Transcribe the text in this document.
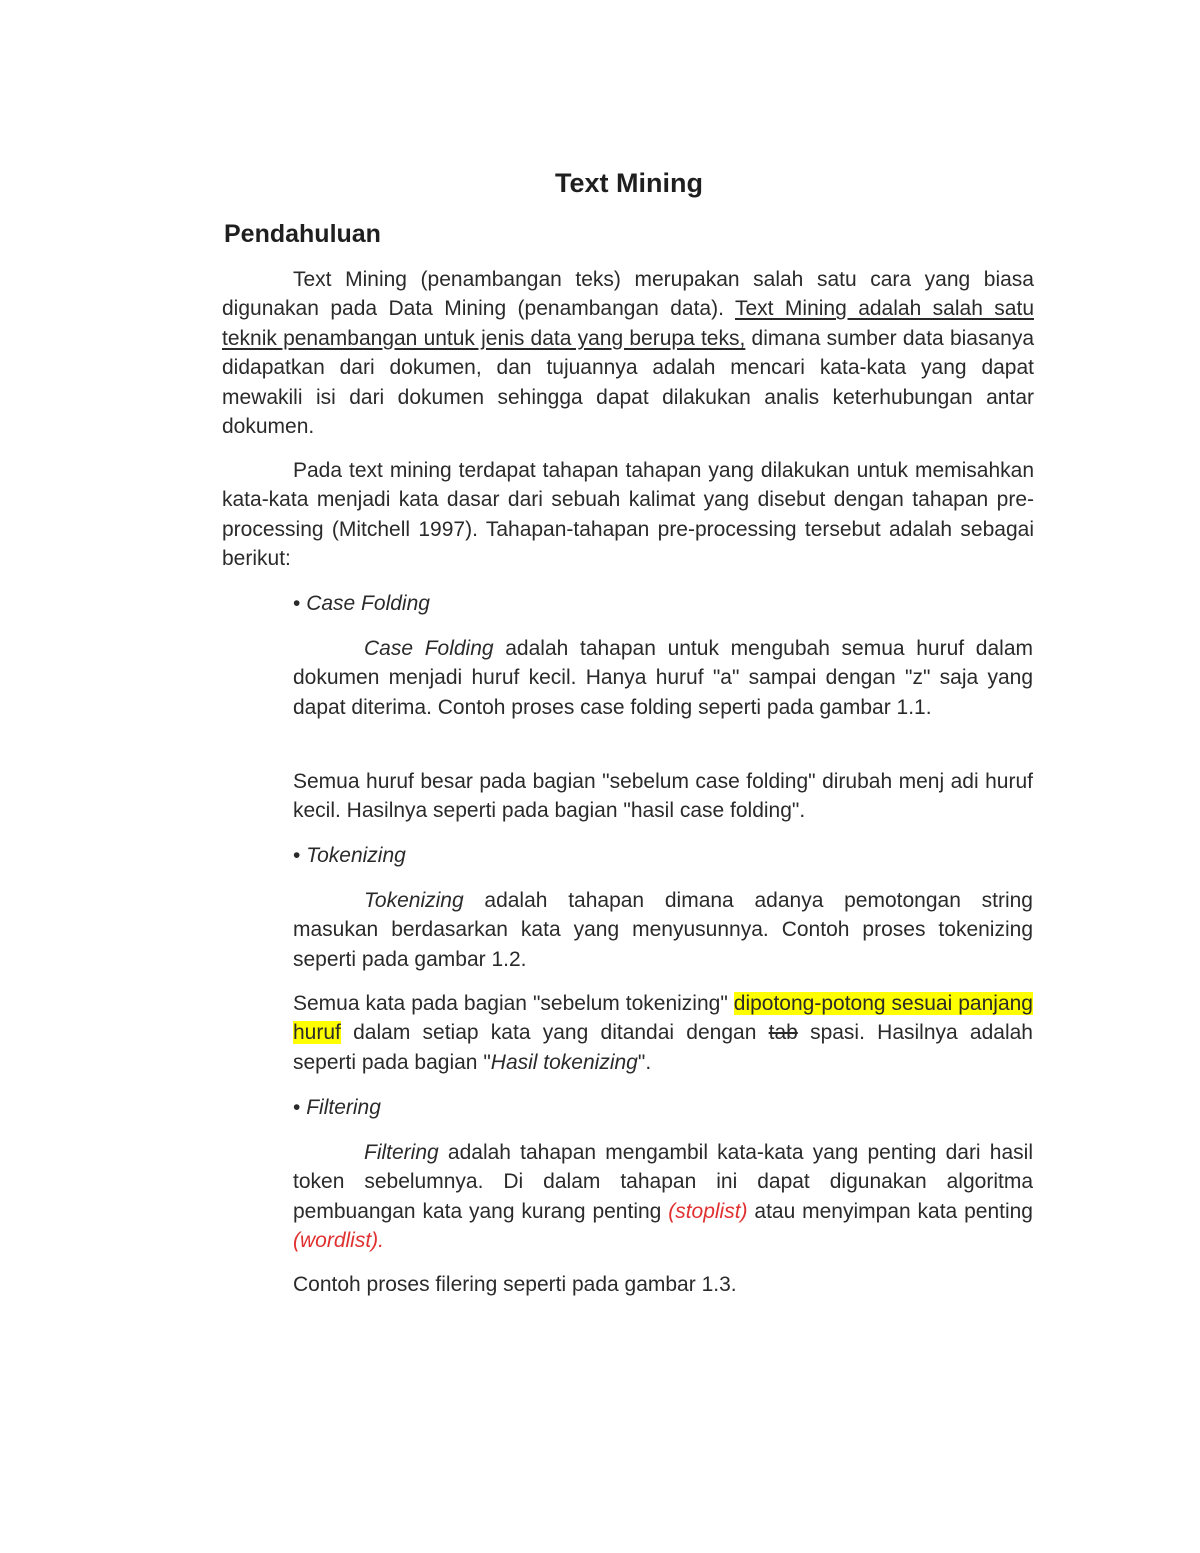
Text Mining
Pendahuluan

Text Mining (penambangan teks) merupakan salah satu cara yang biasa digunakan pada Data Mining (penambangan data). Text Mining adalah salah satu teknik penambangan untuk jenis data yang berupa teks, dimana sumber data biasanya didapatkan dari dokumen, dan tujuannya adalah mencari kata-kata yang dapat mewakili isi dari dokumen sehingga dapat dilakukan analis keterhubungan antar dokumen.

Pada text mining terdapat tahapan tahapan yang dilakukan untuk memisahkan kata-kata menjadi kata dasar dari sebuah kalimat yang disebut dengan tahapan pre-processing (Mitchell 1997). Tahapan-tahapan pre-processing tersebut adalah sebagai berikut:

• Case Folding

Case Folding adalah tahapan untuk mengubah semua huruf dalam dokumen menjadi huruf kecil. Hanya huruf "a" sampai dengan "z" saja yang dapat diterima. Contoh proses case folding seperti pada gambar 1.1.

Semua huruf besar pada bagian "sebelum case folding" dirubah menj adi huruf kecil. Hasilnya seperti pada bagian "hasil case folding".

• Tokenizing

Tokenizing adalah tahapan dimana adanya pemotongan string masukan berdasarkan kata yang menyusunnya. Contoh proses tokenizing seperti pada gambar 1.2.

Semua kata pada bagian "sebelum tokenizing" dipotong-potong sesuai panjang huruf dalam setiap kata yang ditandai dengan tab spasi. Hasilnya adalah seperti pada bagian "Hasil tokenizing".

• Filtering

Filtering adalah tahapan mengambil kata-kata yang penting dari hasil token sebelumnya. Di dalam tahapan ini dapat digunakan algoritma pembuangan kata yang kurang penting (stoplist) atau menyimpan kata penting (wordlist).

Contoh proses filering seperti pada gambar 1.3.
